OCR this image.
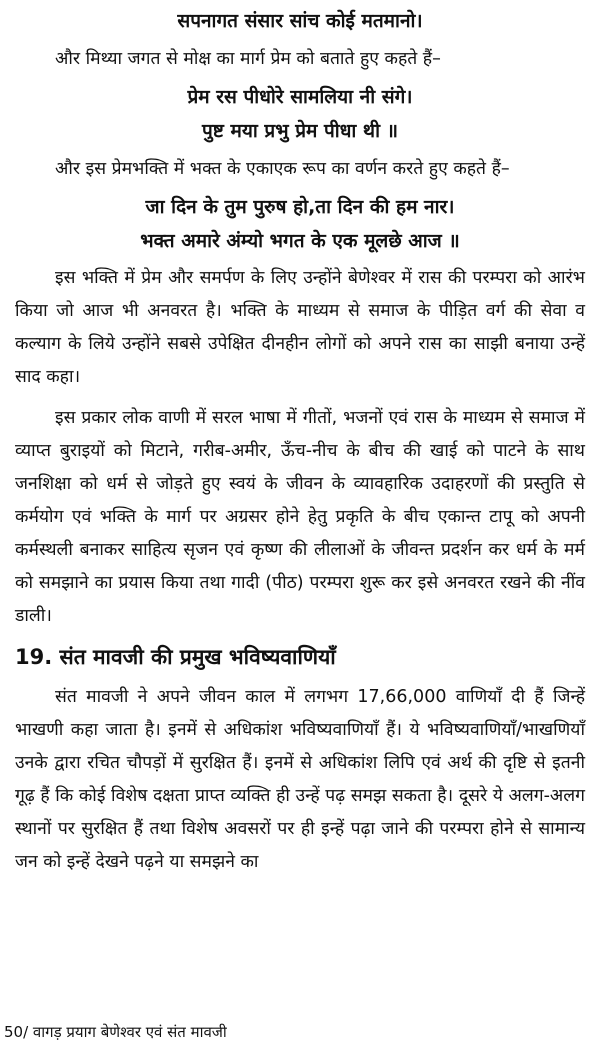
सपनागत संसार सांच कोई मतमानो।

और मिथ्या जगत से मोक्ष का मार्ग प्रेम को बताते हुए कहते हैं–

प्रेम रस पीधोरे सामलिया नी संगे।

पुष्ट मया प्रभु प्रेम पीधा थी ॥

और इस प्रेमभक्ति में भक्त के एकाएक रूप का वर्णन करते हुए कहते हैं–

जा दिन के तुम पुरुष हो,ता दिन की हम नार।

भक्त अमारे अंम्यो भगत के एक मूलछे आज ॥

इस भक्ति में प्रेम और समर्पण के लिए उन्होंने बेणेश्वर में रास की परम्परा को आरंभ किया जो आज भी अनवरत है। भक्ति के माध्यम से समाज के पीड़ित वर्ग की सेवा व कल्याग के लिये उन्होंने सबसे उपेक्षित दीनहीन लोगों को अपने रास का साझी बनाया उन्हें साद कहा।

इस प्रकार लोक वाणी में सरल भाषा में गीतों, भजनों एवं रास के माध्यम से समाज में व्याप्त बुराइयों को मिटाने, गरीब-अमीर, ऊँच-नीच के बीच की खाई को पाटने के साथ जनशिक्षा को धर्म से जोड़ते हुए स्वयं के जीवन के व्यावहारिक उदाहरणों की प्रस्तुति से कर्मयोग एवं भक्ति के मार्ग पर अग्रसर होने हेतु प्रकृति के बीच एकान्त टापू को अपनी कर्मस्थली बनाकर साहित्य सृजन एवं कृष्ण की लीलाओं के जीवन्त प्रदर्शन कर धर्म के मर्म को समझाने का प्रयास किया तथा गादी (पीठ) परम्परा शुरू कर इसे अनवरत रखने की नींव डाली।

19. संत मावजी की प्रमुख भविष्यवाणियाँ

संत मावजी ने अपने जीवन काल में लगभग 17,66,000 वाणियाँ दी हैं जिन्हें भाखणी कहा जाता है। इनमें से अधिकांश भविष्यवाणियाँ हैं। ये भविष्यवाणियाँ/भाखणियाँ उनके द्वारा रचित चौपड़ों में सुरक्षित हैं। इनमें से अधिकांश लिपि एवं अर्थ की दृष्टि से इतनी गूढ़ हैं कि कोई विशेष दक्षता प्राप्त व्यक्ति ही उन्हें पढ़ समझ सकता है। दूसरे ये अलग-अलग स्थानों पर सुरक्षित हैं तथा विशेष अवसरों पर ही इन्हें पढ़ा जाने की परम्परा होने से सामान्य जन को इन्हें देखने पढ़ने या समझने का

50/ वागड़ प्रयाग बेणेश्वर एवं संत मावजी
